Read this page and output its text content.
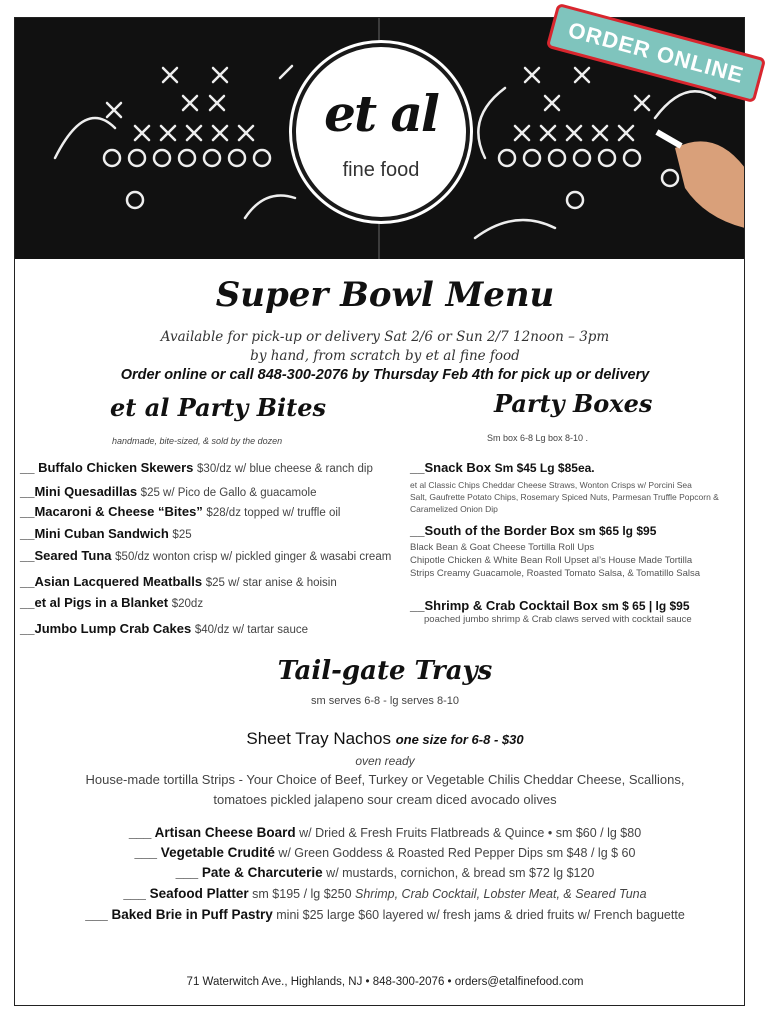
et al
fine food
ORDER ONLINE
Super Bowl Menu
Available for pick-up or delivery Sat 2/6 or Sun 2/7 12noon – 3pm
by hand, from scratch by et al fine food
Order online or call 848-300-2076 by Thursday Feb 4th for pick up or delivery
et al Party Bites
handmade, bite-sized, & sold by the dozen
__ Buffalo Chicken Skewers $30/dz w/ blue cheese & ranch dip
__Mini Quesadillas $25 w/ Pico de Gallo & guacamole
__Macaroni & Cheese “Bites” $28/dz topped w/ truffle oil
__Mini Cuban Sandwich $25
__Seared Tuna $50/dz wonton crisp w/ pickled ginger & wasabi cream
__Asian Lacquered Meatballs $25 w/ star anise & hoisin
__et al Pigs in a Blanket $20dz
__Jumbo Lump Crab Cakes $40/dz w/ tartar sauce
Party Boxes
Sm box 6-8 Lg box 8-10 .
__Snack Box Sm $45 Lg $85ea.
et al Classic Chips Cheddar Cheese Straws, Wonton Crisps w/ Porcini Sea
Salt, Gaufrette Potato Chips, Rosemary Spiced Nuts, Parmesan Truffle Popcorn &
Caramelized Onion Dip
__South of the Border Box sm $65 lg $95
Black Bean & Goat Cheese Tortilla Roll Ups
Chipotle Chicken & White Bean Roll Upset al’s House Made Tortilla
Strips Creamy Guacamole, Roasted Tomato Salsa, & Tomatillo Salsa
__Shrimp & Crab Cocktail Box sm $ 65 | lg $95
poached jumbo shrimp & Crab claws served with cocktail sauce
Tail-gate Trays
sm serves 6-8 - lg serves 8-10
Sheet Tray Nachos one size for 6-8 - $30
oven ready
House-made tortilla Strips - Your Choice of Beef, Turkey or Vegetable Chilis Cheddar Cheese, Scallions,
tomatoes pickled jalapeno sour cream diced avocado olives
___ Artisan Cheese Board w/ Dried & Fresh Fruits Flatbreads & Quince • sm $60 / lg $80
___ Vegetable Crudité w/ Green Goddess & Roasted Red Pepper Dips sm $48 / lg $ 60
___ Pate & Charcuterie w/ mustards, cornichon, & bread sm $72 lg $120
___ Seafood Platter sm $195 / lg $250 Shrimp, Crab Cocktail, Lobster Meat, & Seared Tuna
___ Baked Brie in Puff Pastry mini $25 large $60 layered w/ fresh jams & dried fruits w/ French baguette
71 Waterwitch Ave., Highlands, NJ • 848-300-2076 • orders@etalfinefood.com
